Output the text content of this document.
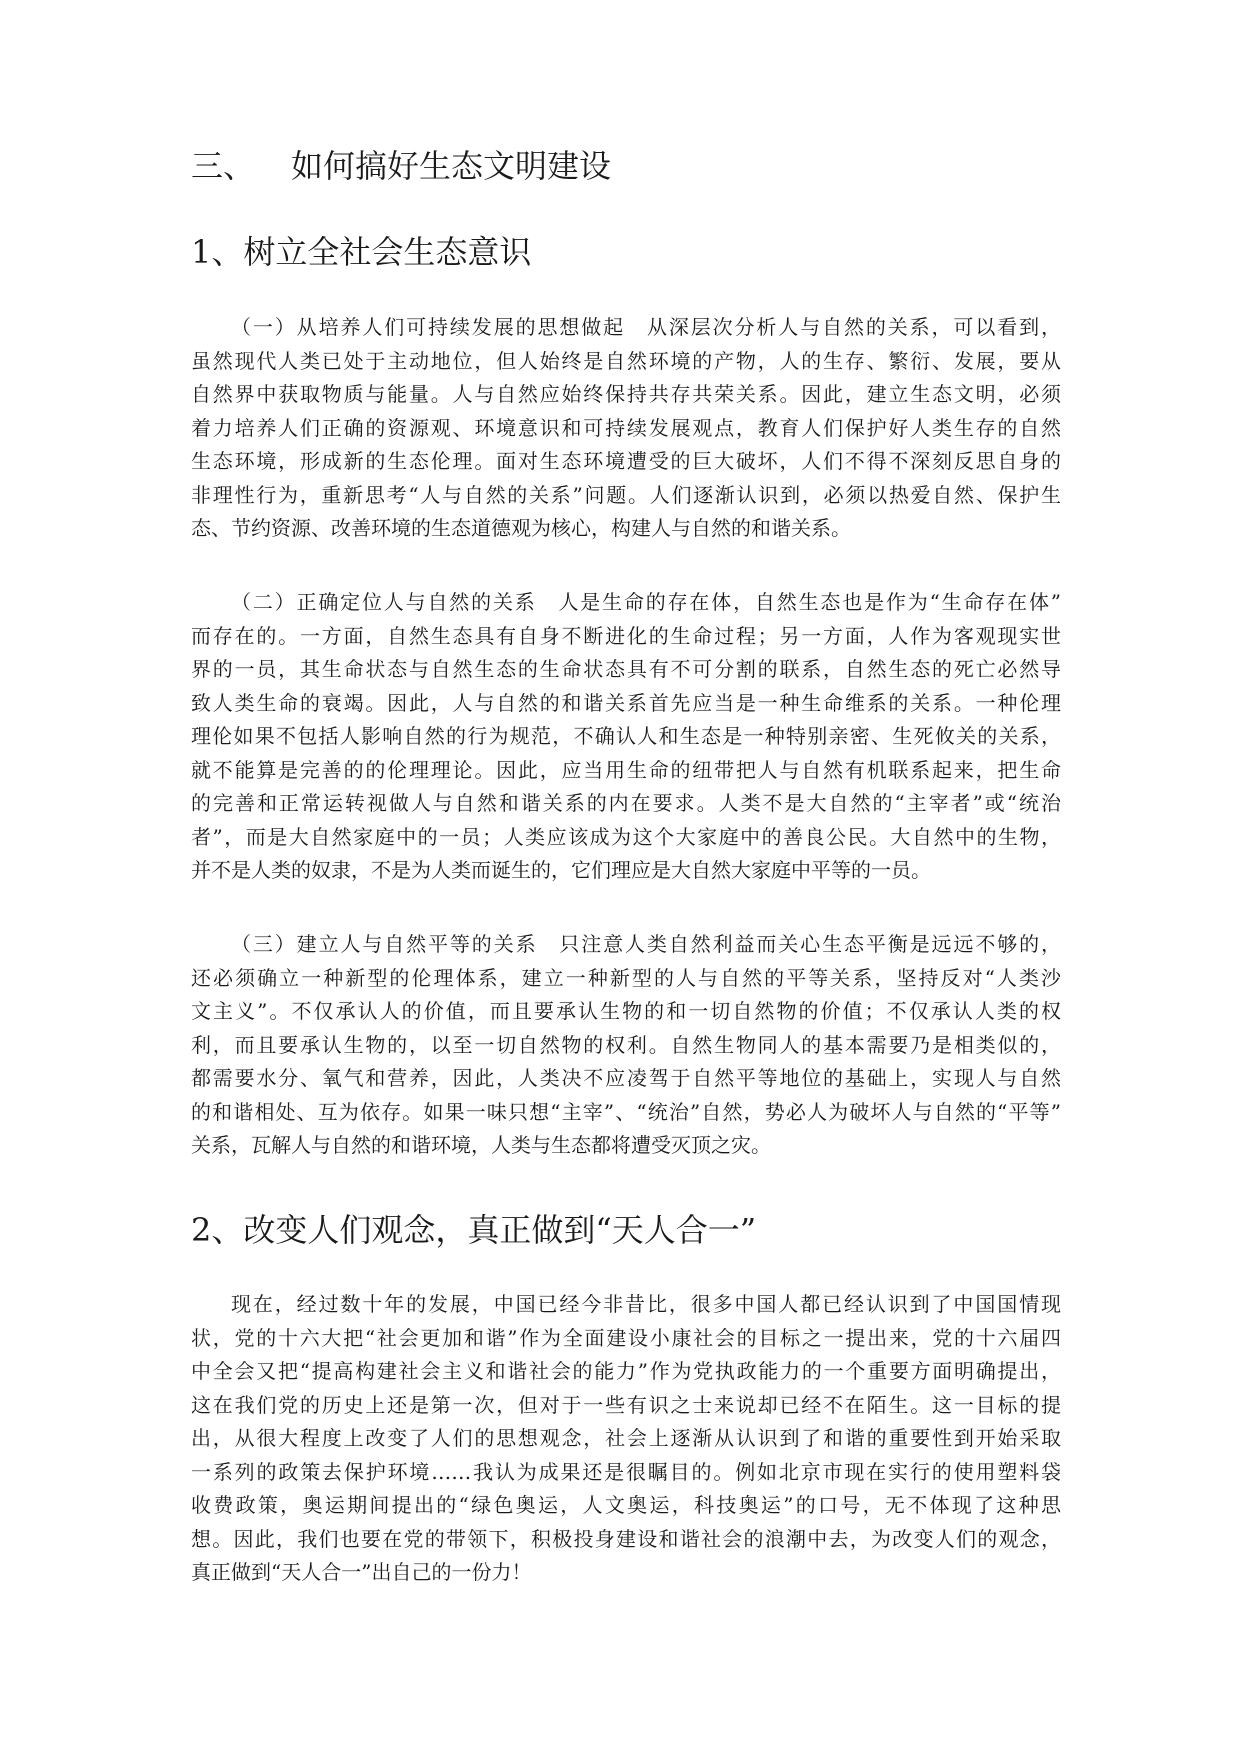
三、 如何搞好生态文明建设
1、树立全社会生态意识
（一）从培养人们可持续发展的思想做起　从深层次分析人与自然的关系，可以看到，
虽然现代人类已处于主动地位，但人始终是自然环境的产物，人的生存、繁衍、发展，要从
自然界中获取物质与能量。人与自然应始终保持共存共荣关系。因此，建立生态文明，必须
着力培养人们正确的资源观、环境意识和可持续发展观点，教育人们保护好人类生存的自然
生态环境，形成新的生态伦理。面对生态环境遭受的巨大破坏，人们不得不深刻反思自身的
非理性行为，重新思考“人与自然的关系”问题。人们逐渐认识到，必须以热爱自然、保护生
态、节约资源、改善环境的生态道德观为核心，构建人与自然的和谐关系。
（二）正确定位人与自然的关系　人是生命的存在体，自然生态也是作为“生命存在体”
而存在的。一方面，自然生态具有自身不断进化的生命过程；另一方面，人作为客观现实世
界的一员，其生命状态与自然生态的生命状态具有不可分割的联系，自然生态的死亡必然导
致人类生命的衰竭。因此，人与自然的和谐关系首先应当是一种生命维系的关系。一种伦理
理伦如果不包括人影响自然的行为规范，不确认人和生态是一种特别亲密、生死攸关的关系，
就不能算是完善的的伦理理论。因此，应当用生命的纽带把人与自然有机联系起来，把生命
的完善和正常运转视做人与自然和谐关系的内在要求。人类不是大自然的“主宰者”或“统治
者”，而是大自然家庭中的一员；人类应该成为这个大家庭中的善良公民。大自然中的生物，
并不是人类的奴隶，不是为人类而诞生的，它们理应是大自然大家庭中平等的一员。
（三）建立人与自然平等的关系　只注意人类自然利益而关心生态平衡是远远不够的，
还必须确立一种新型的伦理体系，建立一种新型的人与自然的平等关系，坚持反对“人类沙
文主义”。不仅承认人的价值，而且要承认生物的和一切自然物的价值；不仅承认人类的权
利，而且要承认生物的，以至一切自然物的权利。自然生物同人的基本需要乃是相类似的，
都需要水分、氧气和营养，因此，人类决不应凌驾于自然平等地位的基础上，实现人与自然
的和谐相处、互为依存。如果一味只想“主宰”、“统治”自然，势必人为破坏人与自然的“平等”
关系，瓦解人与自然的和谐环境，人类与生态都将遭受灭顶之灾。
2、改变人们观念，真正做到“天人合一”
现在，经过数十年的发展，中国已经今非昔比，很多中国人都已经认识到了中国国情现
状，党的十六大把“社会更加和谐”作为全面建设小康社会的目标之一提出来，党的十六届四
中全会又把“提高构建社会主义和谐社会的能力”作为党执政能力的一个重要方面明确提出，
这在我们党的历史上还是第一次，但对于一些有识之士来说却已经不在陌生。这一目标的提
出，从很大程度上改变了人们的思想观念，社会上逐渐从认识到了和谐的重要性到开始采取
一系列的政策去保护环境……我认为成果还是很瞩目的。例如北京市现在实行的使用塑料袋
收费政策，奥运期间提出的“绿色奥运，人文奥运，科技奥运”的口号，无不体现了这种思
想。因此，我们也要在党的带领下，积极投身建设和谐社会的浪潮中去，为改变人们的观念，
真正做到“天人合一”出自己的一份力！
